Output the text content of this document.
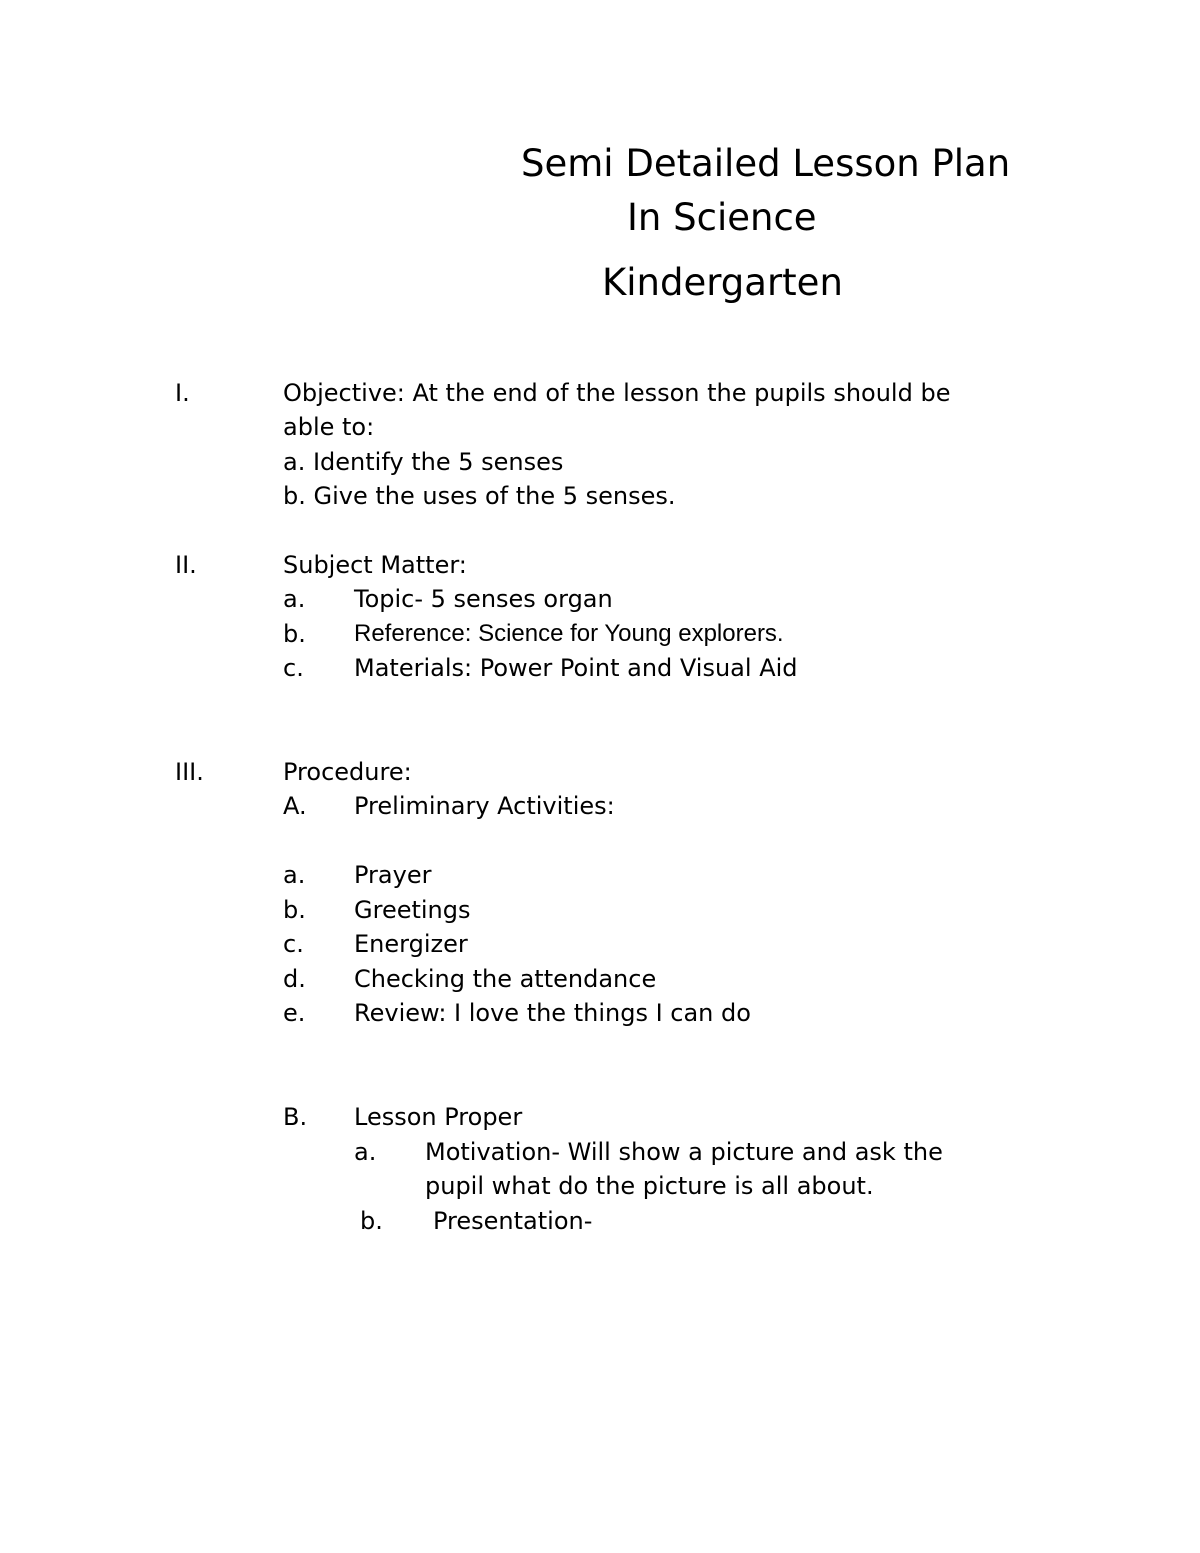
Semi Detailed Lesson Plan
In Science
Kindergarten
I.	Objective: At the end of the lesson the pupils should be
able to:
a. Identify the 5 senses
b. Give the uses of the 5 senses.
II.	Subject Matter:
a. Topic- 5 senses organ
b. Reference: Science for Young explorers.
c. Materials: Power Point and Visual Aid
III.	Procedure:
A. Preliminary Activities:
a. Prayer
b. Greetings
c. Energizer
d. Checking the attendance
e. Review: I love the things I can do
B. Lesson Proper
a. Motivation- Will show a picture and ask the
pupil what do the picture is all about.
b. Presentation-
